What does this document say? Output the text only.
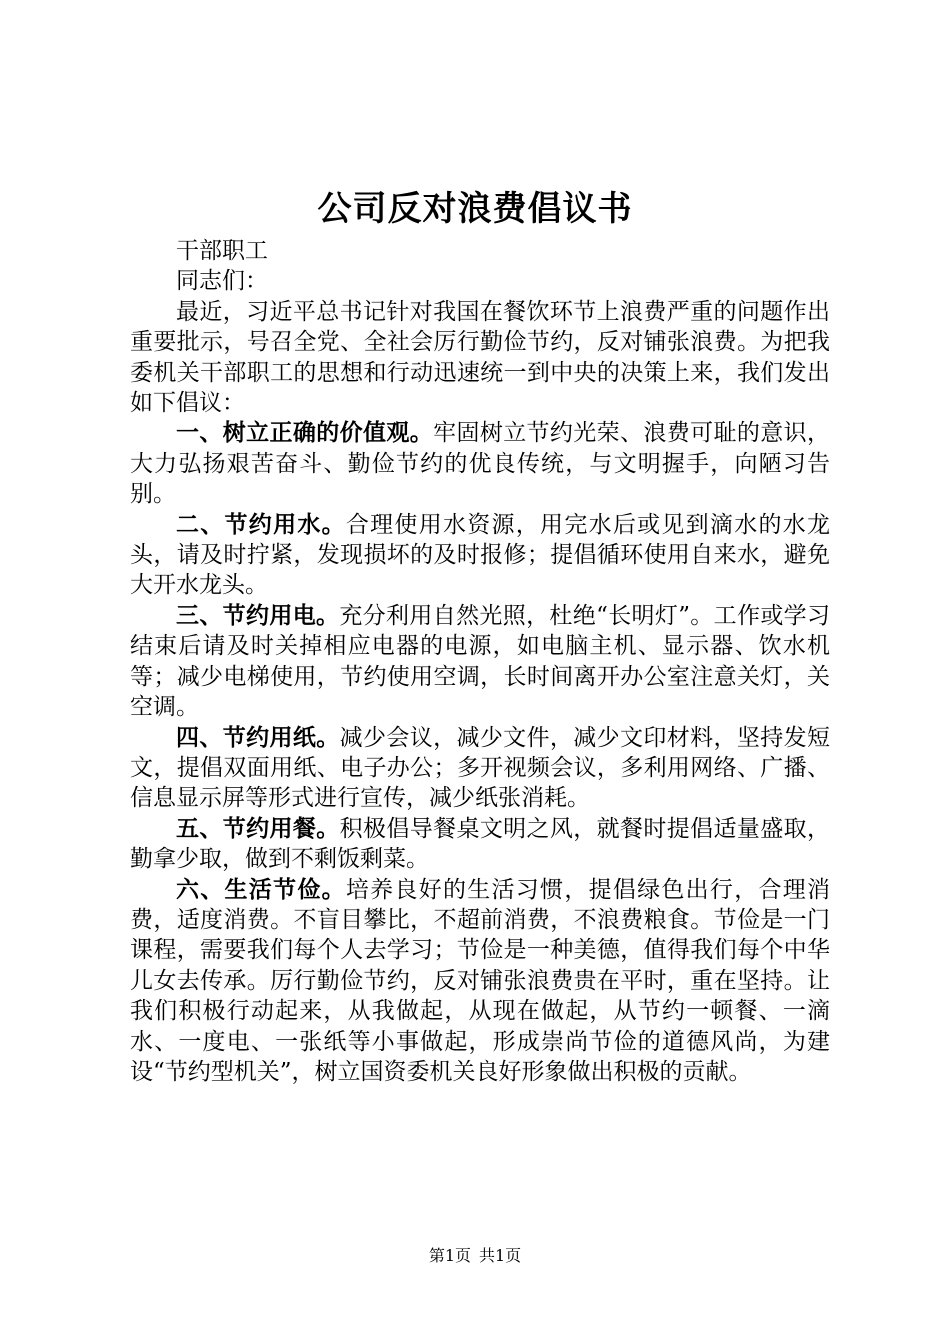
公司反对浪费倡议书

干部职工

同志们：

最近，习近平总书记针对我国在餐饮环节上浪费严重的问题作出重要批示，号召全党、全社会厉行勤俭节约，反对铺张浪费。为把我委机关干部职工的思想和行动迅速统一到中央的决策上来，我们发出如下倡议：

一、树立正确的价值观。牢固树立节约光荣、浪费可耻的意识，大力弘扬艰苦奋斗、勤俭节约的优良传统，与文明握手，向陋习告别。

二、节约用水。合理使用水资源，用完水后或见到滴水的水龙头，请及时拧紧，发现损坏的及时报修；提倡循环使用自来水，避免大开水龙头。

三、节约用电。充分利用自然光照，杜绝“长明灯”。工作或学习结束后请及时关掉相应电器的电源，如电脑主机、显示器、饮水机等；减少电梯使用，节约使用空调，长时间离开办公室注意关灯，关空调。

四、节约用纸。减少会议，减少文件，减少文印材料，坚持发短文，提倡双面用纸、电子办公；多开视频会议，多利用网络、广播、信息显示屏等形式进行宣传，减少纸张消耗。

五、节约用餐。积极倡导餐桌文明之风，就餐时提倡适量盛取，勤拿少取，做到不剩饭剩菜。

六、生活节俭。培养良好的生活习惯，提倡绿色出行，合理消费，适度消费。不盲目攀比，不超前消费，不浪费粮食。节俭是一门课程，需要我们每个人去学习；节俭是一种美德，值得我们每个中华儿女去传承。厉行勤俭节约，反对铺张浪费贵在平时，重在坚持。让我们积极行动起来，从我做起，从现在做起，从节约一顿餐、一滴水、一度电、一张纸等小事做起，形成崇尚节俭的道德风尚，为建设“节约型机关”，树立国资委机关良好形象做出积极的贡献。

第1页 共1页
